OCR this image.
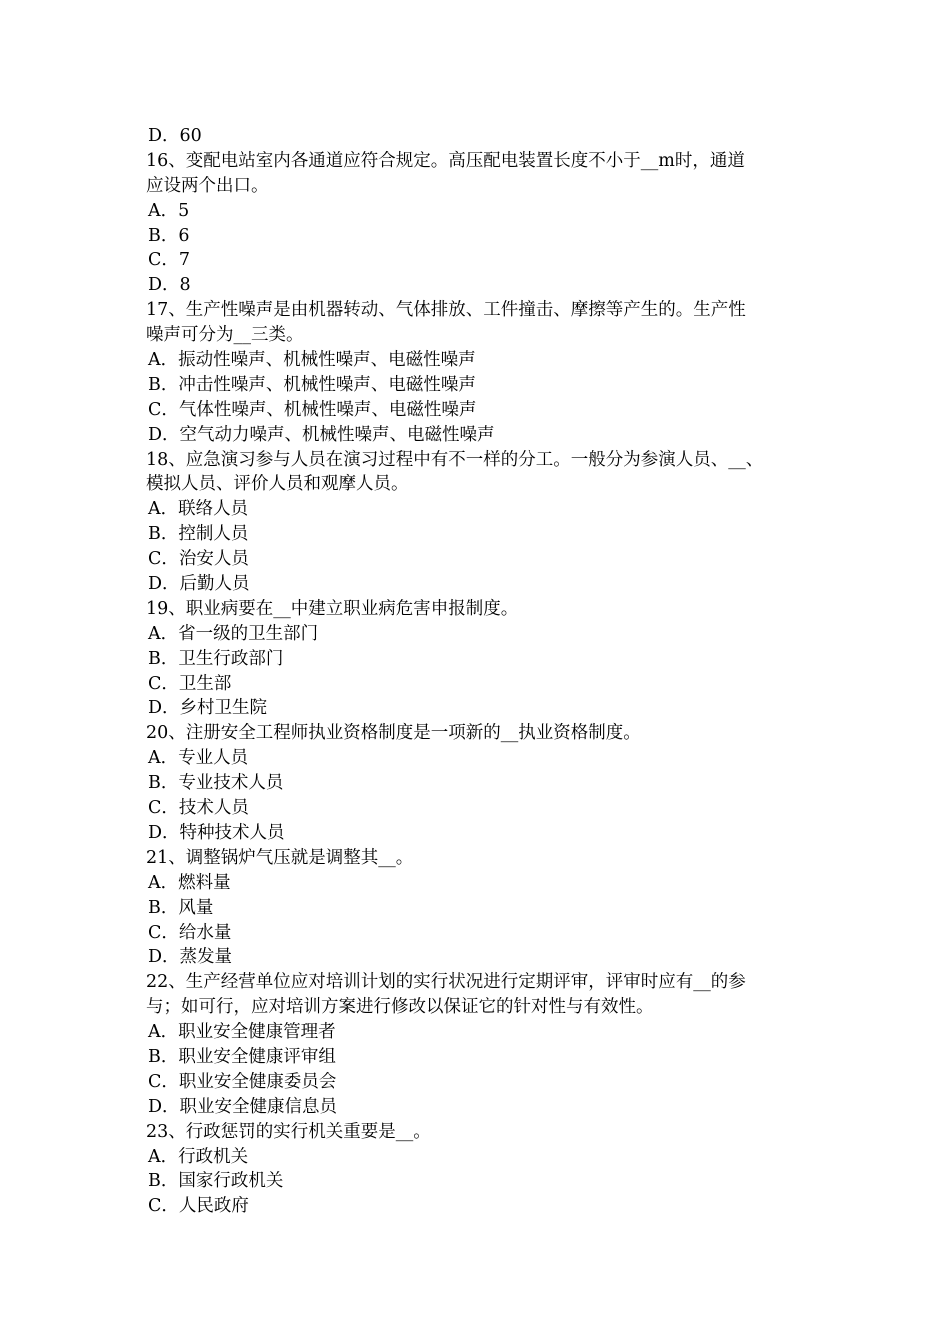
D．60
16、变配电站室内各通道应符合规定。高压配电装置长度不小于__m时，通道
应设两个出口。
A．5
B．6
C．7
D．8
17、生产性噪声是由机器转动、气体排放、工件撞击、摩擦等产生的。生产性
噪声可分为__三类。
A．振动性噪声、机械性噪声、电磁性噪声
B．冲击性噪声、机械性噪声、电磁性噪声
C．气体性噪声、机械性噪声、电磁性噪声
D．空气动力噪声、机械性噪声、电磁性噪声
18、应急演习参与人员在演习过程中有不一样的分工。一般分为参演人员、__、
模拟人员、评价人员和观摩人员。
A．联络人员
B．控制人员
C．治安人员
D．后勤人员
19、职业病要在__中建立职业病危害申报制度。
A．省一级的卫生部门
B．卫生行政部门
C．卫生部
D．乡村卫生院
20、注册安全工程师执业资格制度是一项新的__执业资格制度。
A．专业人员
B．专业技术人员
C．技术人员
D．特种技术人员
21、调整锅炉气压就是调整其__。
A．燃料量
B．风量
C．给水量
D．蒸发量
22、生产经营单位应对培训计划的实行状况进行定期评审，评审时应有__的参
与；如可行，应对培训方案进行修改以保证它的针对性与有效性。
A．职业安全健康管理者
B．职业安全健康评审组
C．职业安全健康委员会
D．职业安全健康信息员
23、行政惩罚的实行机关重要是__。
A．行政机关
B．国家行政机关
C．人民政府
